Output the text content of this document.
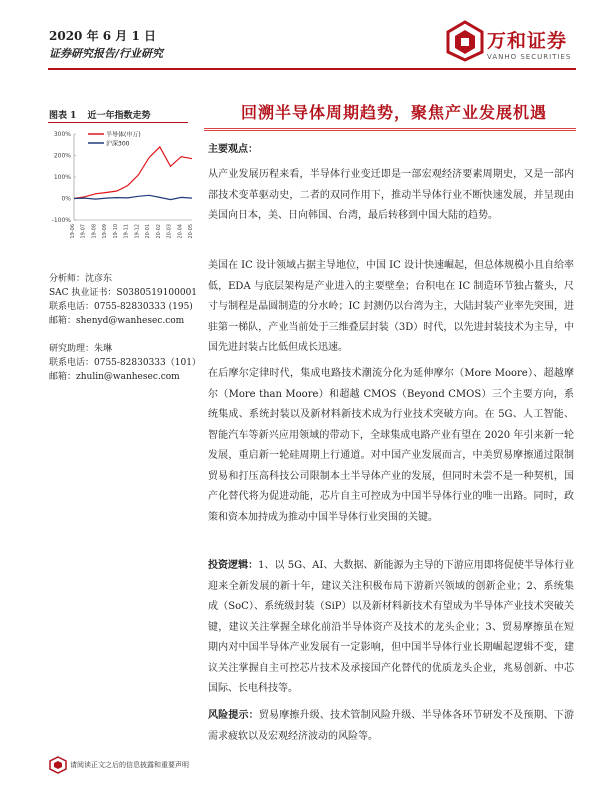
2020 年 6 月 1 日
证券研究报告/行业研究
万和证券
VANHO SECURITIES
图表 1 近一年指数走势
300%
200%
100%
0%
-100%
19-06 19-07 19-08 19-09 19-10 19-11 19-12 20-01 20-02 20-03 20-04 20-05
半导体(申万)
沪深300
分析师：沈彦东
SAC 执业证书：S0380519100001
联系电话：0755-82830333 (195)
邮箱：shenyd@wanhesec.com
研究助理：朱琳
联系电话：0755-82830333（101）
邮箱：zhulin@wanhesec.com
回溯半导体周期趋势，聚焦产业发展机遇
主要观点：
从产业发展历程来看，半导体行业变迁即是一部宏观经济要素周期史，又是一部内部技术变革驱动史，二者的双同作用下，推动半导体行业不断快速发展，并呈现由美国向日本，美、日向韩国、台湾，最后转移到中国大陆的趋势。
美国在 IC 设计领域占据主导地位，中国 IC 设计快速崛起，但总体规模小且自给率低，EDA 与底层架构是产业进入的主要壁垒；台积电在 IC 制造环节独占鳌头，尺寸与制程是晶圆制造的分水岭；IC 封测仍以台湾为主，大陆封装产业率先突围，进驻第一梯队，产业当前处于三维叠层封装（3D）时代，以先进封装技术为主导，中国先进封装占比低但成长迅速。
在后摩尔定律时代，集成电路技术潮流分化为延伸摩尔（More Moore）、超越摩尔（More than Moore）和超越 CMOS（Beyond CMOS）三个主要方向，系统集成、系统封装以及新材料新技术成为行业技术突破方向。在 5G、人工智能、智能汽车等新兴应用领域的带动下，全球集成电路产业有望在 2020 年引来新一轮发展，重启新一轮硅周期上行通道。对中国产业发展而言，中美贸易摩擦通过限制贸易和打压高科技公司限制本土半导体产业的发展，但同时未尝不是一种契机，国产化替代将为促进动能，芯片自主可控成为中国半导体行业的唯一出路。同时，政策和资本加持成为推动中国半导体行业突围的关键。
投资逻辑：1、以 5G、AI、大数据、新能源为主导的下游应用即将促使半导体行业迎来全新发展的新十年，建议关注积极布局下游新兴领域的创新企业；2、系统集成（SoC）、系统级封装（SiP）以及新材料新技术有望成为半导体产业技术突破关键，建议关注掌握全球化前沿半导体资产及技术的龙头企业；3、贸易摩擦虽在短期内对中国半导体产业发展有一定影响，但中国半导体行业长期崛起逻辑不变，建议关注掌握自主可控芯片技术及承接国产化替代的优质龙头企业，兆易创新、中芯国际、长电科技等。
风险提示：贸易摩擦升级、技术管制风险升级、半导体各环节研发不及预期、下游需求疲软以及宏观经济波动的风险等。
请阅读正文之后的信息披露和重要声明
